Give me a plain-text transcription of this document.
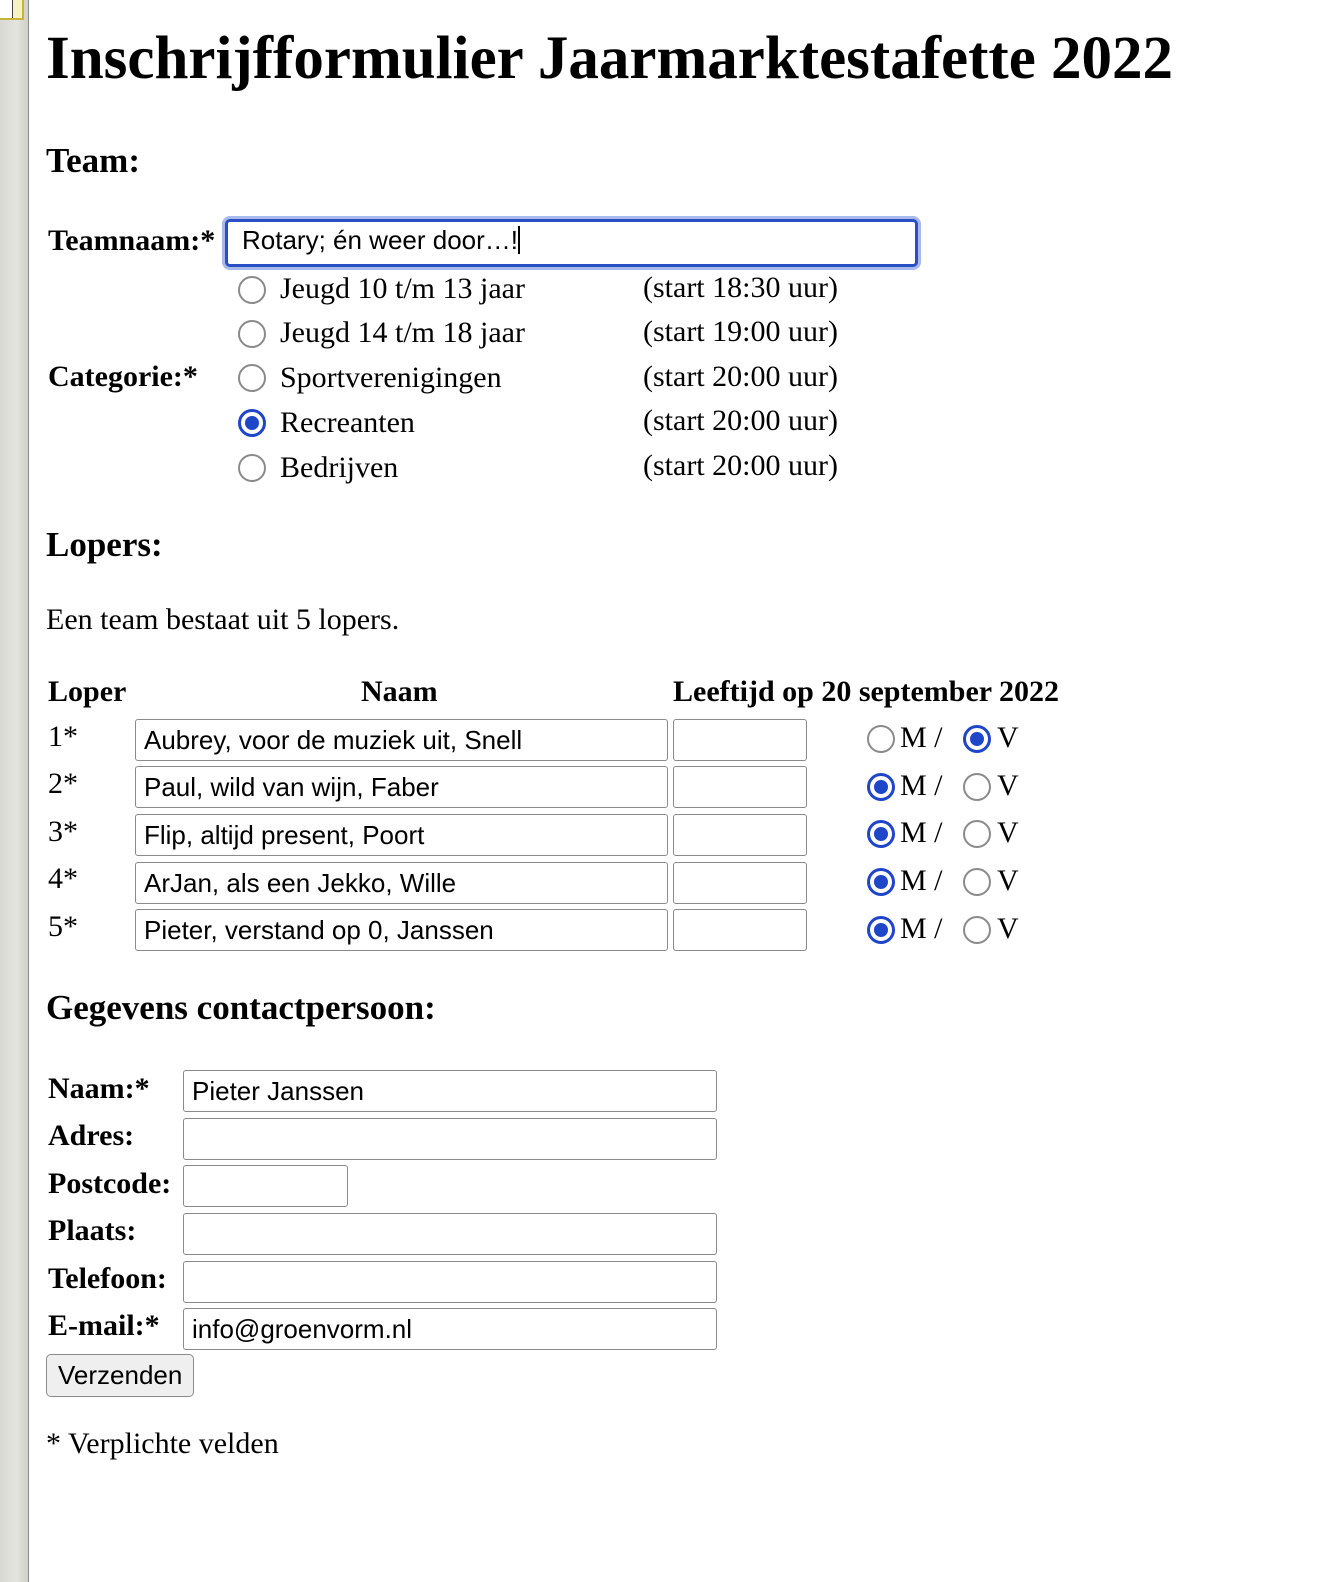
Inschrijfformulier Jaarmarktestafette 2022
Team:
Teamnaam:*	Rotary; én weer door…!
Categorie:*
Jeugd 10 t/m 13 jaar	(start 18:30 uur)
Jeugd 14 t/m 18 jaar	(start 19:00 uur)
Sportverenigingen	(start 20:00 uur)
Recreanten	(start 20:00 uur)
Bedrijven	(start 20:00 uur)
Lopers:
Een team bestaat uit 5 lopers.
Loper	Naam	Leeftijd op 20 september 2022
1*	Aubrey, voor de muziek uit, Snell	M / V
2*	Paul, wild van wijn, Faber	M / V
3*	Flip, altijd present, Poort	M / V
4*	ArJan, als een Jekko, Wille	M / V
5*	Pieter, verstand op 0, Janssen	M / V
Gegevens contactpersoon:
Naam:*	Pieter Janssen
Adres:
Postcode:
Plaats:
Telefoon:
E-mail:*	info@groenvorm.nl
Verzenden
* Verplichte velden
